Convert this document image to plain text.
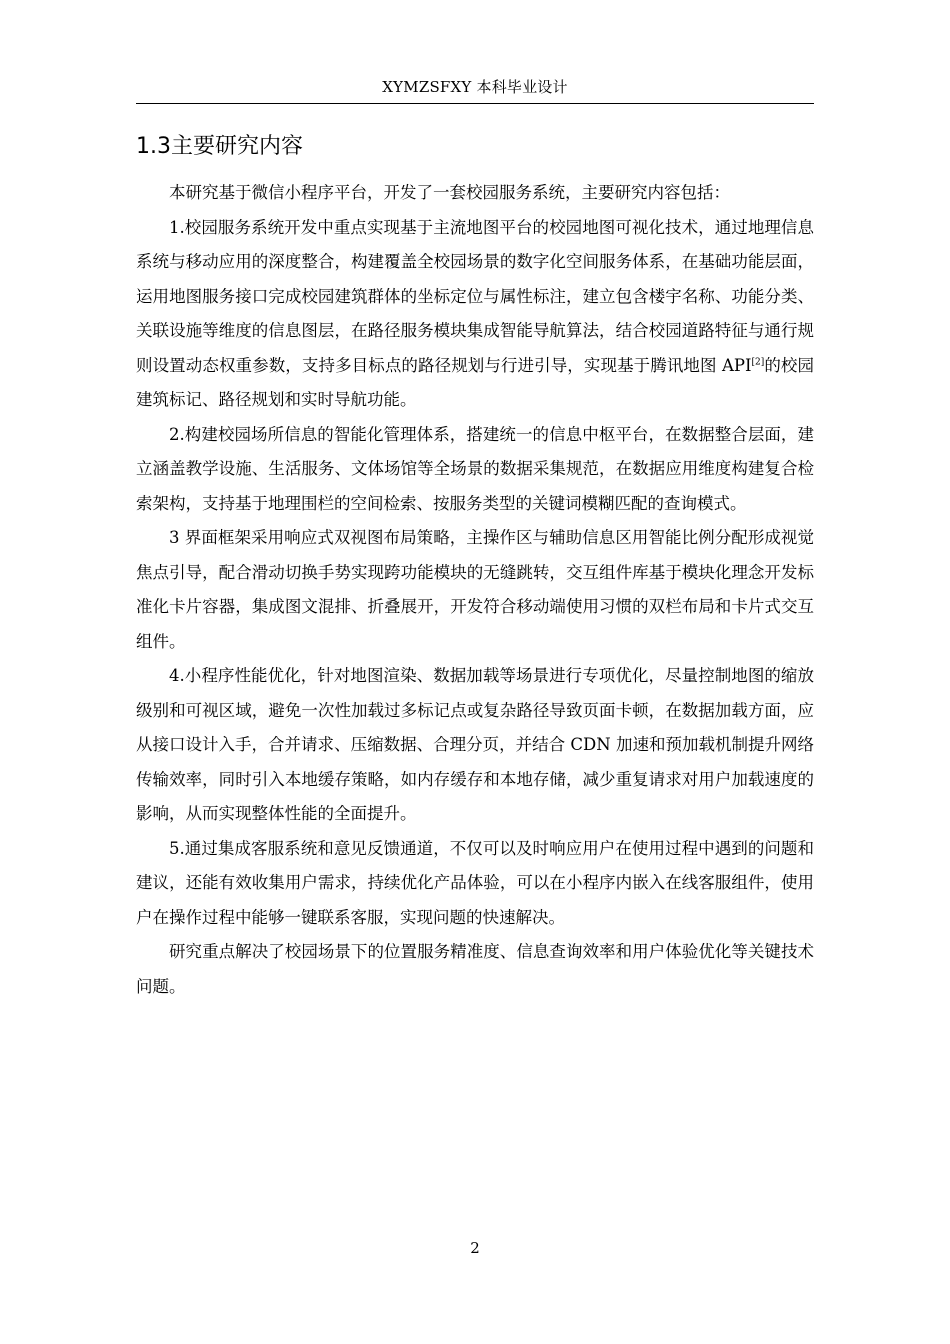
XYMZSFXY 本科毕业设计
1.3主要研究内容

本研究基于微信小程序平台，开发了一套校园服务系统，主要研究内容包括：

1.校园服务系统开发中重点实现基于主流地图平台的校园地图可视化技术，通过地理信息系统与移动应用的深度整合，构建覆盖全校园场景的数字化空间服务体系，在基础功能层面，运用地图服务接口完成校园建筑群体的坐标定位与属性标注，建立包含楼宇名称、功能分类、关联设施等维度的信息图层，在路径服务模块集成智能导航算法，结合校园道路特征与通行规则设置动态权重参数，支持多目标点的路径规划与行进引导，实现基于腾讯地图 API[2]的校园建筑标记、路径规划和实时导航功能。

2.构建校园场所信息的智能化管理体系，搭建统一的信息中枢平台，在数据整合层面，建立涵盖教学设施、生活服务、文体场馆等全场景的数据采集规范，在数据应用维度构建复合检索架构，支持基于地理围栏的空间检索、按服务类型的关键词模糊匹配的查询模式。

3 界面框架采用响应式双视图布局策略，主操作区与辅助信息区用智能比例分配形成视觉焦点引导，配合滑动切换手势实现跨功能模块的无缝跳转，交互组件库基于模块化理念开发标准化卡片容器，集成图文混排、折叠展开，开发符合移动端使用习惯的双栏布局和卡片式交互组件。

4.小程序性能优化，针对地图渲染、数据加载等场景进行专项优化，尽量控制地图的缩放级别和可视区域，避免一次性加载过多标记点或复杂路径导致页面卡顿，在数据加载方面，应从接口设计入手，合并请求、压缩数据、合理分页，并结合 CDN 加速和预加载机制提升网络传输效率，同时引入本地缓存策略，如内存缓存和本地存储，减少重复请求对用户加载速度的影响，从而实现整体性能的全面提升。

5.通过集成客服系统和意见反馈通道，不仅可以及时响应用户在使用过程中遇到的问题和建议，还能有效收集用户需求，持续优化产品体验，可以在小程序内嵌入在线客服组件，使用户在操作过程中能够一键联系客服，实现问题的快速解决。

研究重点解决了校园场景下的位置服务精准度、信息查询效率和用户体验优化等关键技术问题。

2
